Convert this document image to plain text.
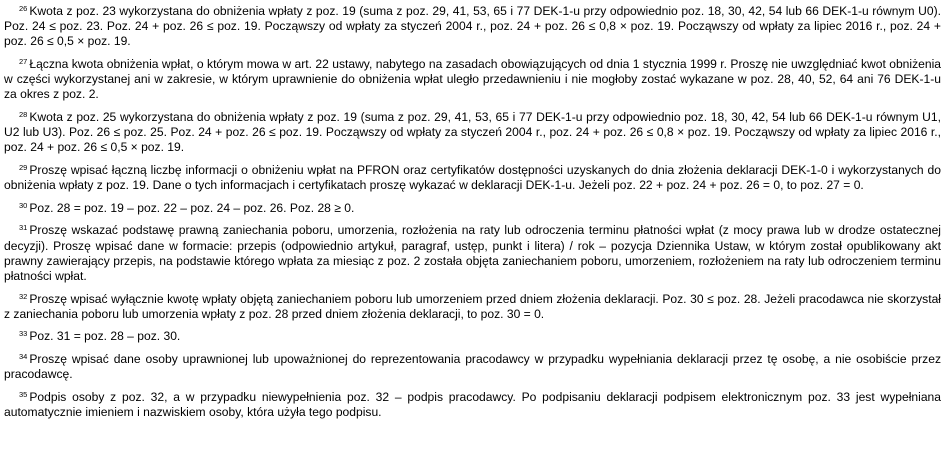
$^{26}$ Kwota z poz. 23 wykorzystana do obniżenia wpłaty z poz. 19 (suma z poz. 29, 41, 53, 65 i 77 DEK-1-u przy odpowiednio poz. 18, 30, 42, 54 lub 66 DEK-1-u równym U0). Poz. 24 ≤ poz. 23. Poz. 24 + poz. 26 ≤ poz. 19. Począwszy od wpłaty za styczeń 2004 r., poz. 24 + poz. 26 ≤ 0,8 × poz. 19. Począwszy od wpłaty za lipiec 2016 r., poz. 24 + poz. 26 ≤ 0,5 × poz. 19.

$^{27}$ Łączna kwota obniżenia wpłat, o którym mowa w art. 22 ustawy, nabytego na zasadach obowiązujących od dnia 1 stycznia 1999 r. Proszę nie uwzględniać kwot obniżenia w części wykorzystanej ani w zakresie, w którym uprawnienie do obniżenia wpłat uległo przedawnieniu i nie mogłoby zostać wykazane w poz. 28, 40, 52, 64 ani 76 DEK-1-u za okres z poz. 2.

$^{28}$ Kwota z poz. 25 wykorzystana do obniżenia wpłaty z poz. 19 (suma z poz. 29, 41, 53, 65 i 77 DEK-1-u przy odpowiednio poz. 18, 30, 42, 54 lub 66 DEK-1-u równym U1, U2 lub U3). Poz. 26 ≤ poz. 25. Poz. 24 + poz. 26 ≤ poz. 19. Począwszy od wpłaty za styczeń 2004 r., poz. 24 + poz. 26 ≤ 0,8 × poz. 19. Począwszy od wpłaty za lipiec 2016 r., poz. 24 + poz. 26 ≤ 0,5 × poz. 19.

$^{29}$ Proszę wpisać łączną liczbę informacji o obniżeniu wpłat na PFRON oraz certyfikatów dostępności uzyskanych do dnia złożenia deklaracji DEK-1-0 i wykorzystanych do obniżenia wpłaty z poz. 19. Dane o tych informacjach i certyfikatach proszę wykazać w deklaracji DEK-1-u. Jeżeli poz. 22 + poz. 24 + poz. 26 = 0, to poz. 27 = 0.

$^{30}$ Poz. 28 = poz. 19 – poz. 22 – poz. 24 – poz. 26. Poz. 28 ≥ 0.

$^{31}$ Proszę wskazać podstawę prawną zaniechania poboru, umorzenia, rozłożenia na raty lub odroczenia terminu płatności wpłat (z mocy prawa lub w drodze ostatecznej decyzji). Proszę wpisać dane w formacie: przepis (odpowiednio artykuł, paragraf, ustęp, punkt i litera) / rok – pozycja Dziennika Ustaw, w którym został opublikowany akt prawny zawierający przepis, na podstawie którego wpłata za miesiąc z poz. 2 została objęta zaniechaniem poboru, umorzeniem, rozłożeniem na raty lub odroczeniem terminu płatności wpłat.

$^{32}$ Proszę wpisać wyłącznie kwotę wpłaty objętą zaniechaniem poboru lub umorzeniem przed dniem złożenia deklaracji. Poz. 30 ≤ poz. 28. Jeżeli pracodawca nie skorzystał z zaniechania poboru lub umorzenia wpłaty z poz. 28 przed dniem złożenia deklaracji, to poz. 30 = 0.

$^{33}$ Poz. 31 = poz. 28 – poz. 30.

$^{34}$ Proszę wpisać dane osoby uprawnionej lub upoważnionej do reprezentowania pracodawcy w przypadku wypełniania deklaracji przez tę osobę, a nie osobiście przez pracodawcę.

$^{35}$ Podpis osoby z poz. 32, a w przypadku niewypełnienia poz. 32 – podpis pracodawcy. Po podpisaniu deklaracji podpisem elektronicznym poz. 33 jest wypełniana automatycznie imieniem i nazwiskiem osoby, która użyła tego podpisu.
